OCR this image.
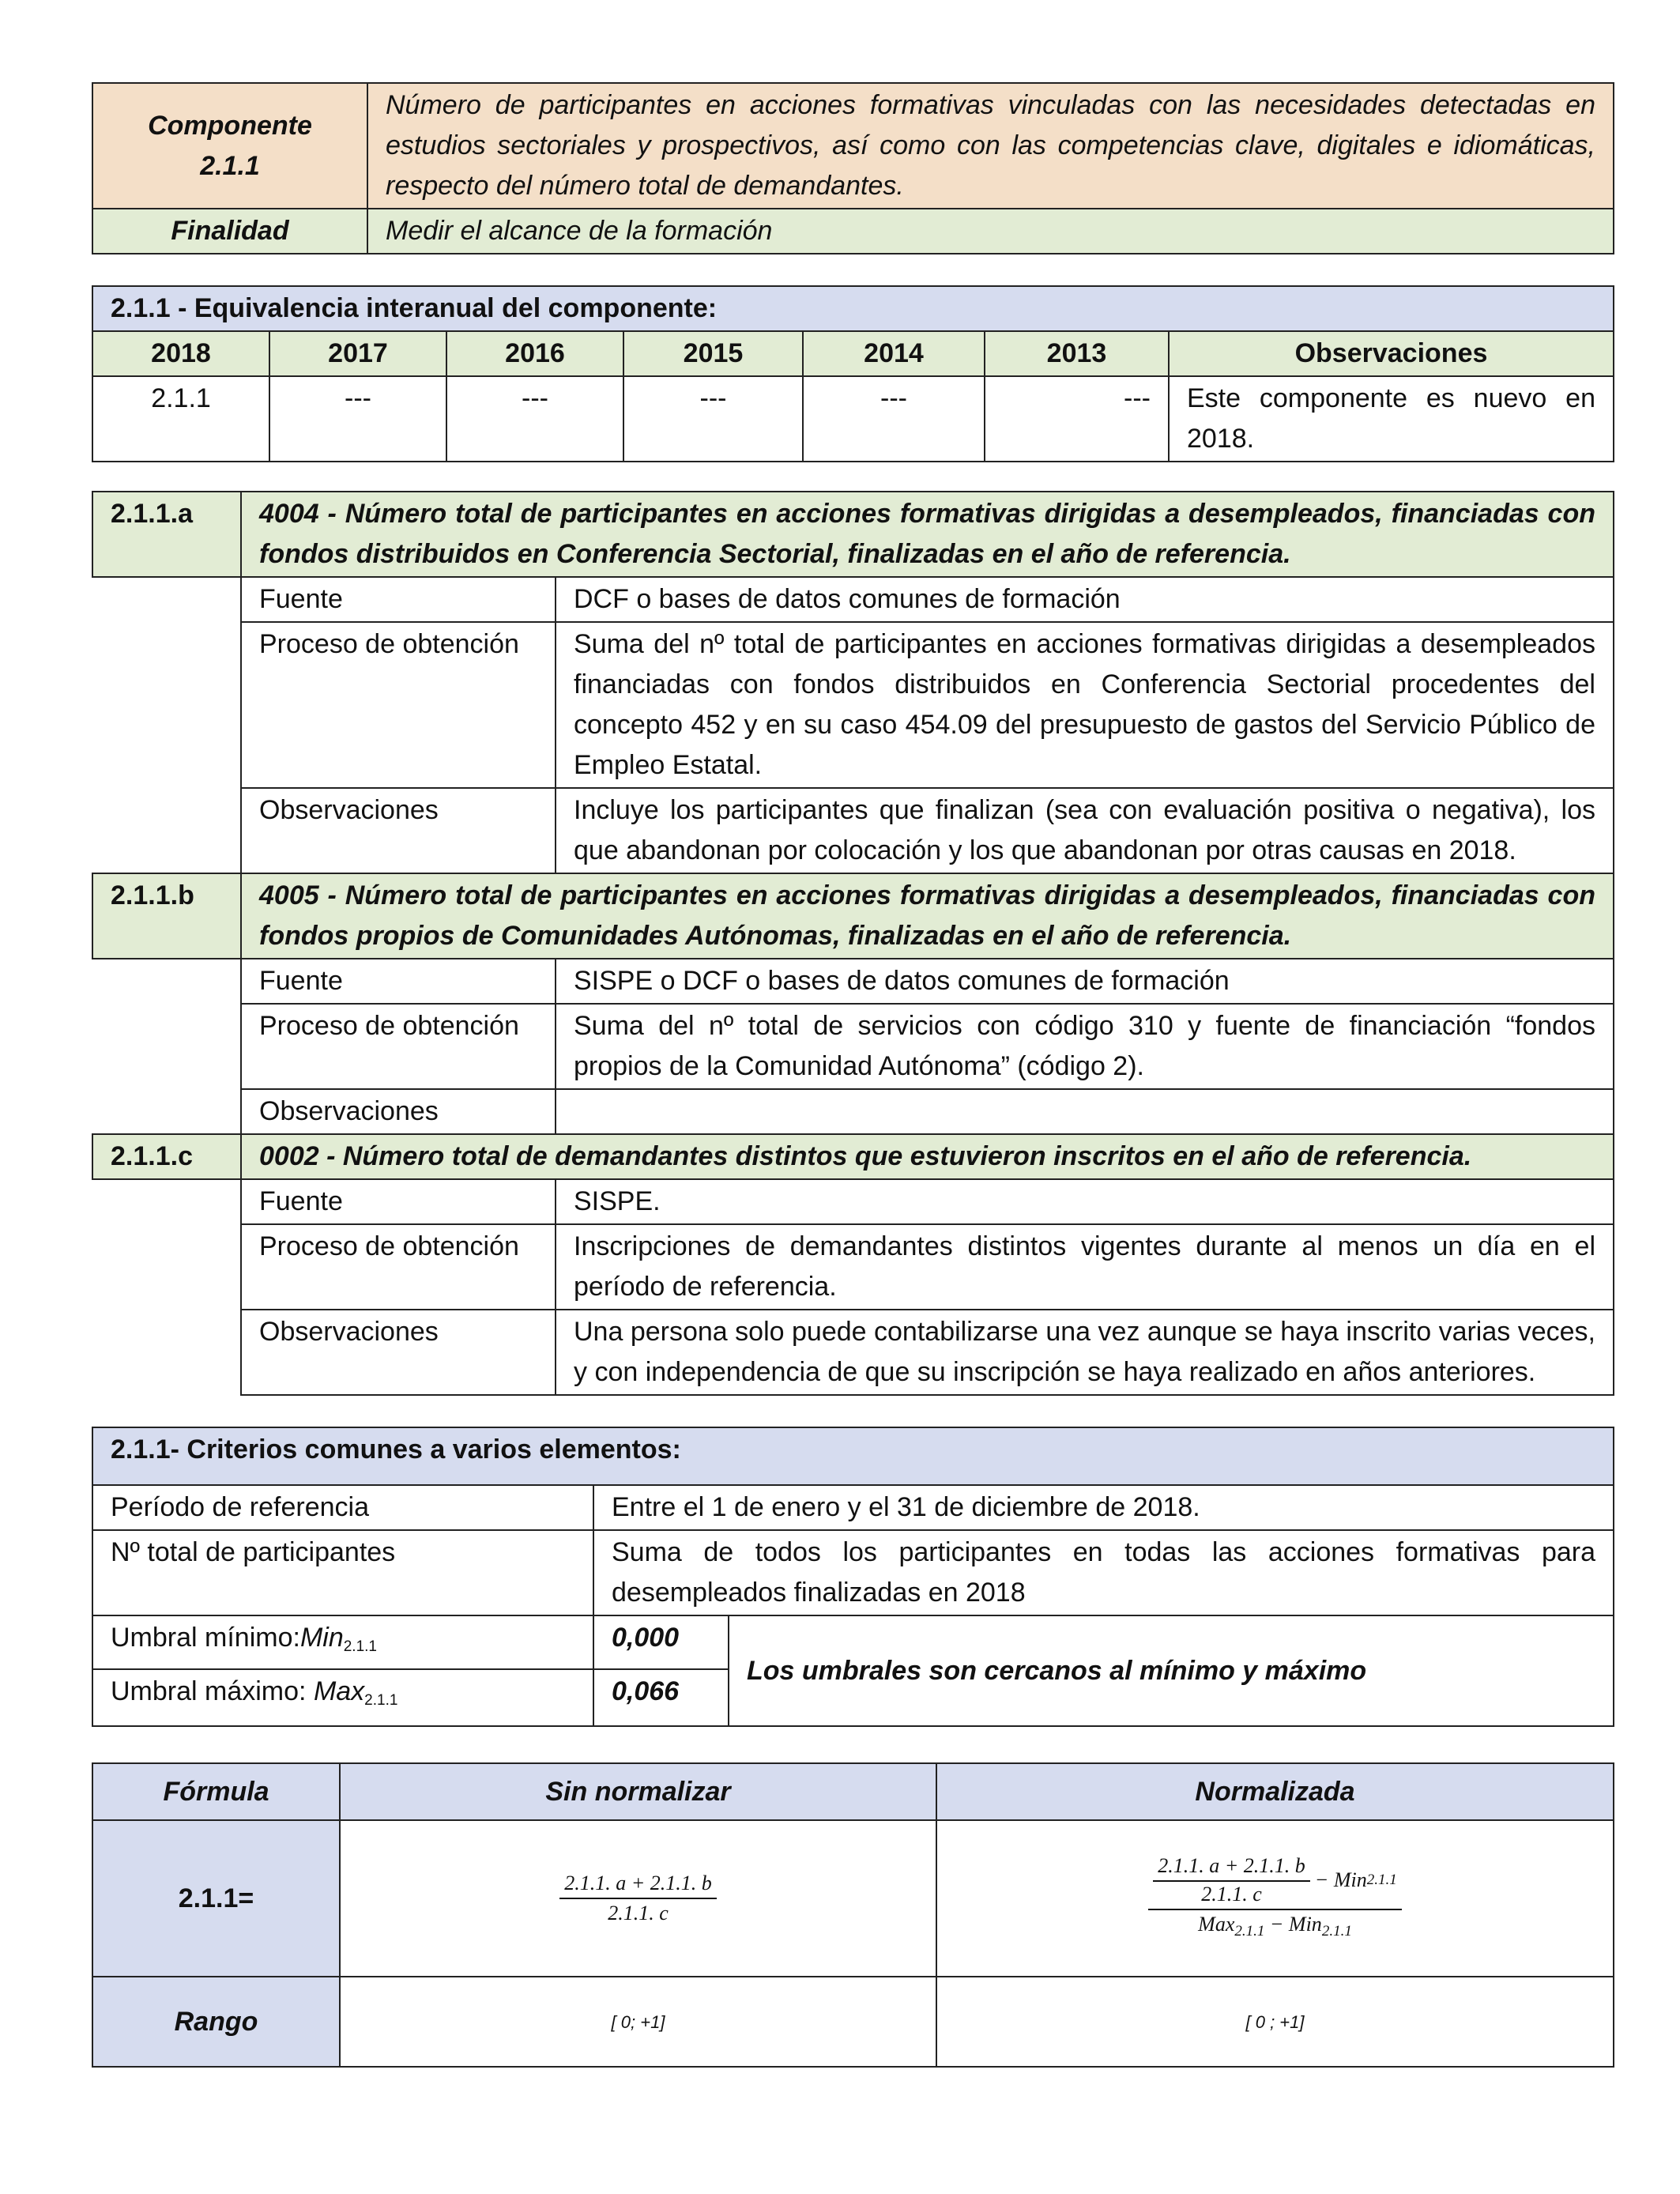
Componente
2.1.1	Número de participantes en acciones formativas vinculadas con las necesidades detectadas en estudios sectoriales y prospectivos, así como con las competencias clave, digitales e idiomáticas, respecto del número total de demandantes.
Finalidad	Medir el alcance de la formación
2.1.1 - Equivalencia interanual del componente:						
2018	2017	2016	2015	2014	2013	Observaciones
2.1.1	---	---	---	---	---	Este componente es nuevo en 2018.
2.1.1.a	4004 - Número total de participantes en acciones formativas dirigidas a desempleados, financiadas con fondos distribuidos en Conferencia Sectorial, finalizadas en el año de referencia.	
	Fuente	DCF o bases de datos comunes de formación
	Proceso de obtención	Suma del nº total de participantes en acciones formativas dirigidas a desempleados financiadas con fondos distribuidos en Conferencia Sectorial procedentes del concepto 452 y en su caso 454.09 del presupuesto de gastos del Servicio Público de Empleo Estatal.
	Observaciones	Incluye los participantes que finalizan (sea con evaluación positiva o negativa), los que abandonan por colocación y los que abandonan por otras causas en 2018.
2.1.1.b	4005 - Número total de participantes en acciones formativas dirigidas a desempleados, financiadas con fondos propios de Comunidades Autónomas, finalizadas en el año de referencia.	
	Fuente	SISPE o DCF o bases de datos comunes de formación
	Proceso de obtención	Suma del nº total de servicios con código 310 y fuente de financiación “fondos propios de la Comunidad Autónoma” (código 2).
	Observaciones	
2.1.1.c	0002 - Número total de demandantes distintos que estuvieron inscritos en el año de referencia.	
	Fuente	SISPE.
	Proceso de obtención	Inscripciones de demandantes distintos vigentes durante al menos un día en el período de referencia.
	Observaciones	Una persona solo puede contabilizarse una vez aunque se haya inscrito varias veces, y con independencia de que su inscripción se haya realizado en años anteriores.
2.1.1- Criterios comunes a varios elementos:		
Período de referencia	Entre el 1 de enero y el 31 de diciembre de 2018.	
Nº total de participantes	Suma de todos los participantes en todas las acciones formativas para desempleados finalizadas en 2018	
Umbral mínimo:Min$_{2.1.1}$	0,000	Los umbrales son cercanos al mínimo y máximo
Umbral máximo: Max$_{2.1.1}$	0,066	
Fórmula	Sin normalizar	Normalizada
2.1.1=	$\frac{2.1.1. a + 2.1.1. b}{2.1.1. c}$	$\frac{2.1.1. a + 2.1.1. b}{2.1.1. c}$ − Min 2.1.1
Max$_{2.1.1}$ − Min$_{2.1.1}$

Rango	[ 0; +1]	[ 0 ; +1]
